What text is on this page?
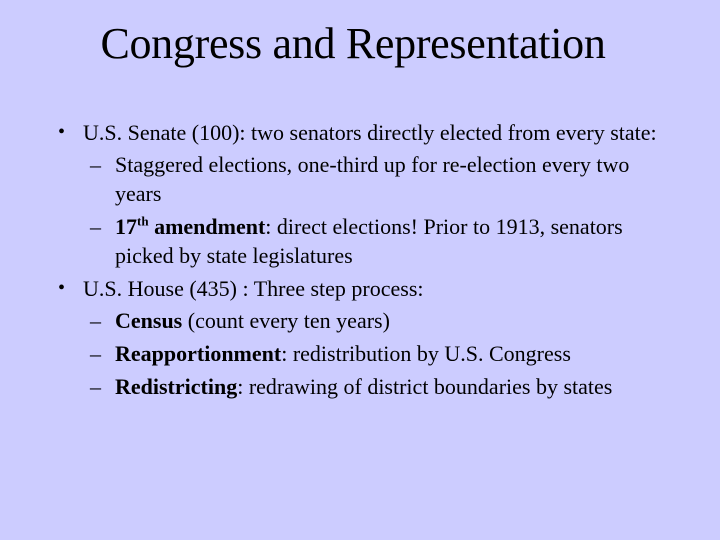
Congress and Representation
• U.S. Senate (100): two senators directly elected from every state:
– Staggered elections, one-third up for re-election every two years
– 17th amendment: direct elections! Prior to 1913, senators picked by state legislatures
• U.S. House (435) : Three step process:
– Census (count every ten years)
– Reapportionment: redistribution by U.S. Congress
– Redistricting: redrawing of district boundaries by states
